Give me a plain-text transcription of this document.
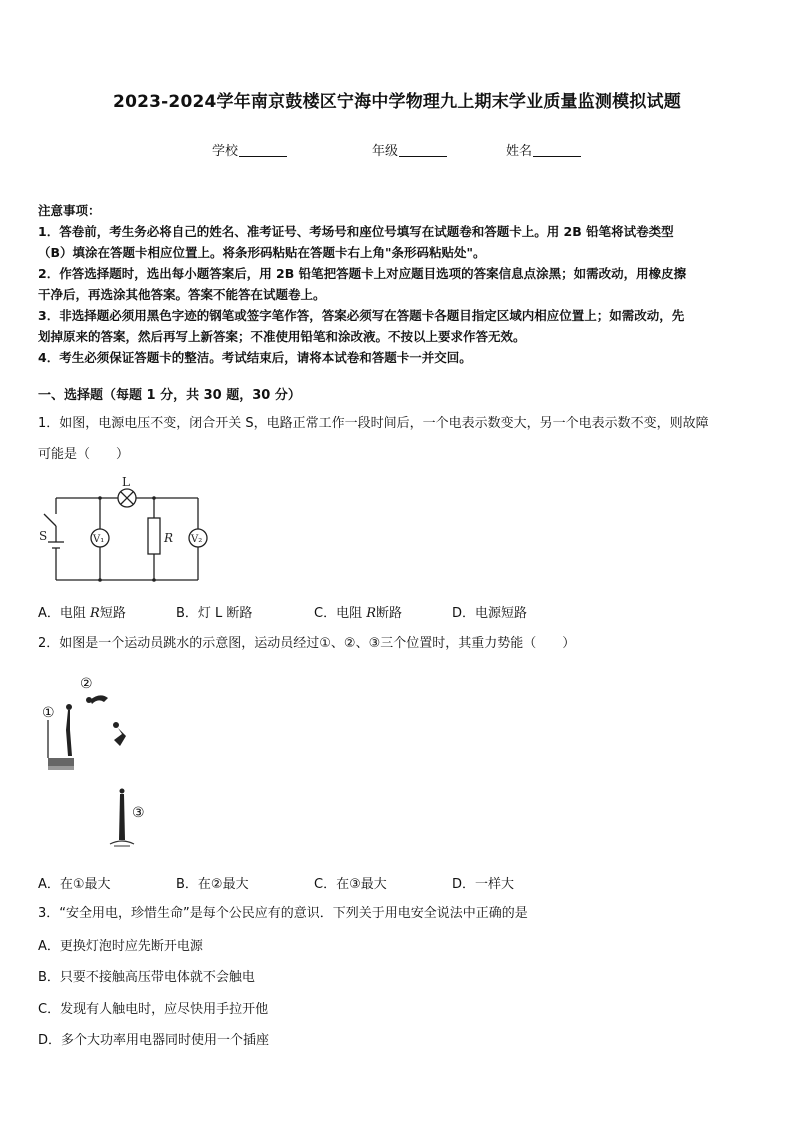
2023-2024学年南京鼓楼区宁海中学物理九上期末学业质量监测模拟试题
学校	年级	姓名

注意事项：

1．答卷前，考生务必将自己的姓名、准考证号、考场号和座位号填写在试题卷和答题卡上。用 2B 铅笔将试卷类型

（B）填涂在答题卡相应位置上。将条形码粘贴在答题卡右上角"条形码粘贴处"。

2．作答选择题时，选出每小题答案后，用 2B 铅笔把答题卡上对应题目选项的答案信息点涂黑；如需改动，用橡皮擦

干净后，再选涂其他答案。答案不能答在试题卷上。

3．非选择题必须用黑色字迹的钢笔或签字笔作答，答案必须写在答题卡各题目指定区域内相应位置上；如需改动，先

划掉原来的答案，然后再写上新答案；不准使用铅笔和涂改液。不按以上要求作答无效。

4．考生必须保证答题卡的整洁。考试结束后，请将本试卷和答题卡一并交回。

一、选择题（每题 1 分，共 30 题，30 分）
1．如图，电源电压不变，闭合开关 S，电路正常工作一段时间后，一个电表示数变大，另一个电表示数不变，则故障
可能是（　　）
L
S	V₁	R V₂
A．电阻 R短路	B．灯 L 断路	C．电阻 R断路	D．电源短路
2．如图是一个运动员跳水的示意图，运动员经过①、②、③三个位置时，其重力势能（　　）
①
②
③
A．在①最大	B．在②最大	C．在③最大	D．一样大
3．“安全用电，珍惜生命”是每个公民应有的意识．下列关于用电安全说法中正确的是
A．更换灯泡时应先断开电源
B．只要不接触高压带电体就不会触电
C．发现有人触电时，应尽快用手拉开他
D．多个大功率用电器同时使用一个插座
